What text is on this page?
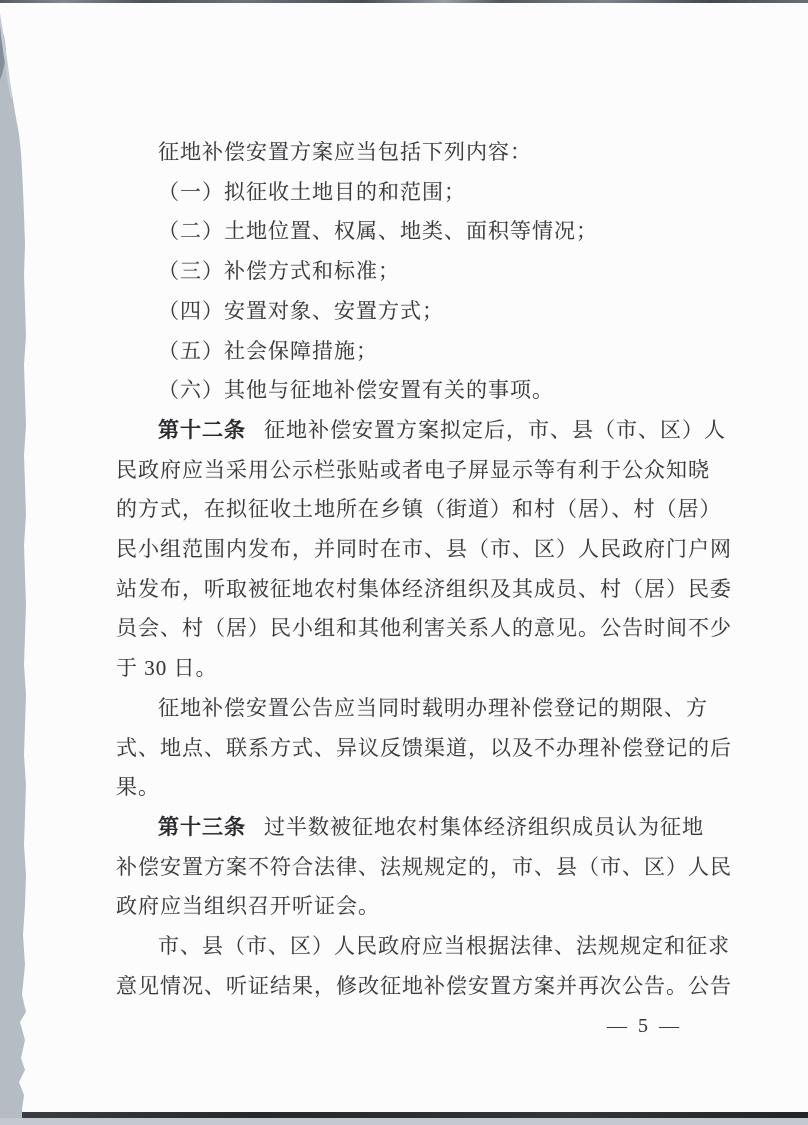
征地补偿安置方案应当包括下列内容：
（一）拟征收土地目的和范围；
（二）土地位置、权属、地类、面积等情况；
（三）补偿方式和标准；
（四）安置对象、安置方式；
（五）社会保障措施；
（六）其他与征地补偿安置有关的事项。
第十二条 征地补偿安置方案拟定后，市、县（市、区）人
民政府应当采用公示栏张贴或者电子屏显示等有利于公众知晓
的方式，在拟征收土地所在乡镇（街道）和村（居）、村（居）
民小组范围内发布，并同时在市、县（市、区）人民政府门户网
站发布，听取被征地农村集体经济组织及其成员、村（居）民委
员会、村（居）民小组和其他利害关系人的意见。公告时间不少
于 30 日。
征地补偿安置公告应当同时载明办理补偿登记的期限、方
式、地点、联系方式、异议反馈渠道，以及不办理补偿登记的后
果。
第十三条 过半数被征地农村集体经济组织成员认为征地
补偿安置方案不符合法律、法规规定的，市、县（市、区）人民
政府应当组织召开听证会。
市、县（市、区）人民政府应当根据法律、法规规定和征求
意见情况、听证结果，修改征地补偿安置方案并再次公告。公告
— 5 —
